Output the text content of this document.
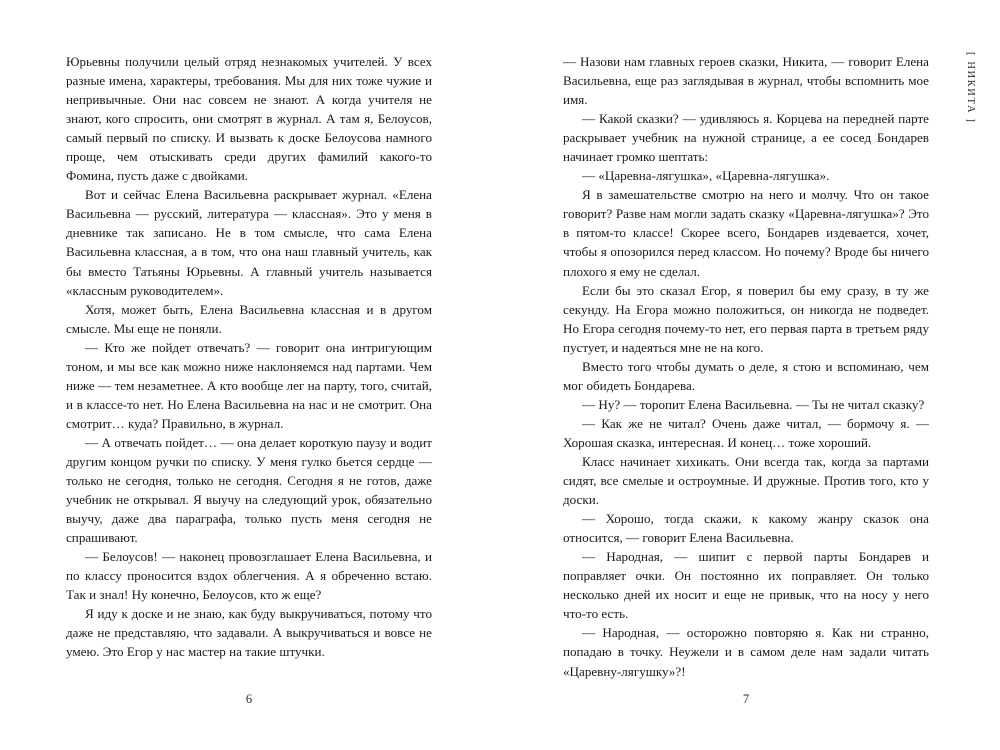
Юрьевны получили целый отряд незнакомых учителей. У всех разные имена, характеры, требования. Мы для них тоже чужие и непривычные. Они нас совсем не знают. А когда учителя не знают, кого спросить, они смотрят в журнал. А там я, Белоусов, самый первый по списку. И вызвать к доске Белоусова намного проще, чем отыскивать среди других фамилий какого-то Фомина, пусть даже с двойками.

Вот и сейчас Елена Васильевна раскрывает журнал. «Елена Васильевна — русский, литература — классная». Это у меня в дневнике так записано. Не в том смысле, что сама Елена Васильевна классная, а в том, что она наш главный учитель, как бы вместо Татьяны Юрьевны. А главный учитель называется «классным руководителем».

Хотя, может быть, Елена Васильевна классная и в другом смысле. Мы еще не поняли.

— Кто же пойдет отвечать? — говорит она интригующим тоном, и мы все как можно ниже наклоняемся над партами. Чем ниже — тем незаметнее. А кто вообще лег на парту, того, считай, и в классе-то нет. Но Елена Васильевна на нас и не смотрит. Она смотрит… куда? Правильно, в журнал.

— А отвечать пойдет… — она делает короткую паузу и водит другим концом ручки по списку. У меня гулко бьется сердце — только не сегодня, только не сегодня. Сегодня я не готов, даже учебник не открывал. Я выучу на следующий урок, обязательно выучу, даже два параграфа, только пусть меня сегодня не спрашивают.

— Белоусов! — наконец провозглашает Елена Васильевна, и по классу проносится вздох облегчения. А я обреченно встаю. Так и знал! Ну конечно, Белоусов, кто ж еще?

Я иду к доске и не знаю, как буду выкручиваться, потому что даже не представляю, что задавали. А выкручиваться и вовсе не умею. Это Егор у нас мастер на такие штучки.

6

— Назови нам главных героев сказки, Никита, — говорит Елена Васильевна, еще раз заглядывая в журнал, чтобы вспомнить мое имя.

— Какой сказки? — удивляюсь я. Корцева на передней парте раскрывает учебник на нужной странице, а ее сосед Бондарев начинает громко шептать:

— «Царевна-лягушка», «Царевна-лягушка».

Я в замешательстве смотрю на него и молчу. Что он такое говорит? Разве нам могли задать сказку «Царевна-лягушка»? Это в пятом-то классе! Скорее всего, Бондарев издевается, хочет, чтобы я опозорился перед классом. Но почему? Вроде бы ничего плохого я ему не сделал.

Если бы это сказал Егор, я поверил бы ему сразу, в ту же секунду. На Егора можно положиться, он никогда не подведет. Но Егора сегодня почему-то нет, его первая парта в третьем ряду пустует, и надеяться мне не на кого.

Вместо того чтобы думать о деле, я стою и вспоминаю, чем мог обидеть Бондарева.

— Ну? — торопит Елена Васильевна. — Ты не читал сказку?

— Как же не читал? Очень даже читал, — бормочу я. — Хорошая сказка, интересная. И конец… тоже хороший.

Класс начинает хихикать. Они всегда так, когда за партами сидят, все смелые и остроумные. И дружные. Против того, кто у доски.

— Хорошо, тогда скажи, к какому жанру сказок она относится, — говорит Елена Васильевна.

— Народная, — шипит с первой парты Бондарев и поправляет очки. Он постоянно их поправляет. Он только несколько дней их носит и еще не привык, что на носу у него что-то есть.

— Народная, — осторожно повторяю я. Как ни странно, попадаю в точку. Неужели и в самом деле нам задали читать «Царевну-лягушку»?!

7
[ НИКИТА ]
